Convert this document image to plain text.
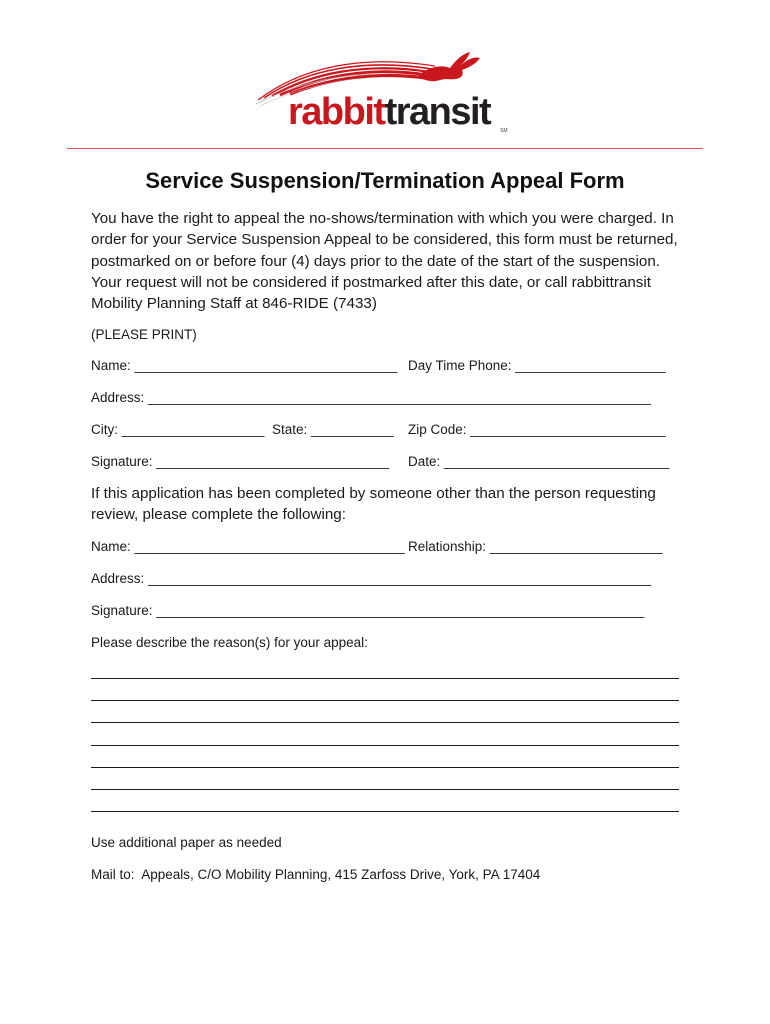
rabbittransit SM
Service Suspension/Termination Appeal Form
You have the right to appeal the no-shows/termination with which you were charged. In order for your Service Suspension Appeal to be considered, this form must be returned, postmarked on or before four (4) days prior to the date of the start of the suspension. Your request will not be considered if postmarked after this date, or call rabbittransit Mobility Planning Staff at 846-RIDE (7433)
(PLEASE PRINT)
Name: ___________________________________ Day Time Phone: ____________________
Address: ___________________________________________________________________
City: ___________________ State: ___________ Zip Code: __________________________
Signature: _______________________________ Date: ______________________________
If this application has been completed by someone other than the person requesting review, please complete the following:
Name: ____________________________________ Relationship: _______________________
Address: ___________________________________________________________________
Signature: _________________________________________________________________
Please describe the reason(s) for your appeal:
Use additional paper as needed
Mail to:  Appeals, C/O Mobility Planning, 415 Zarfoss Drive, York, PA 17404
